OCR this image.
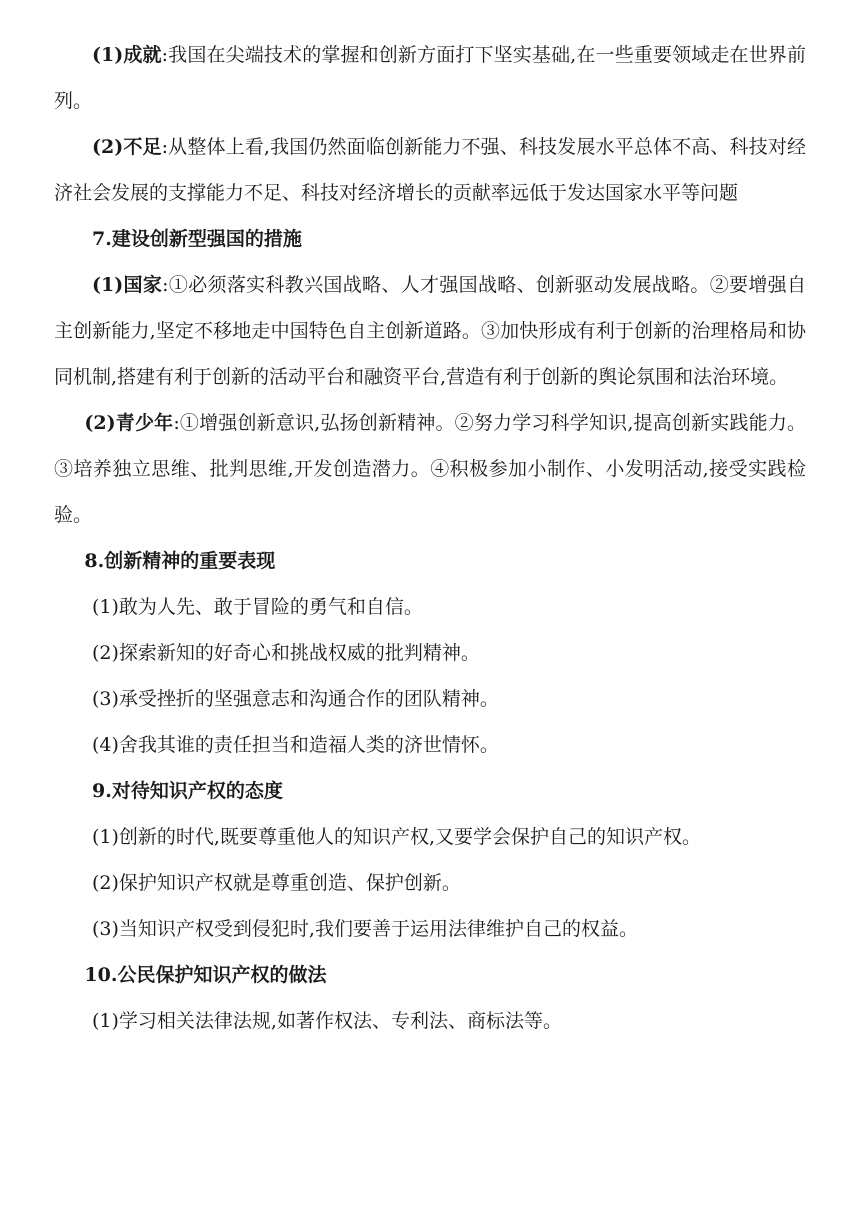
(1)成就:我国在尖端技术的掌握和创新方面打下坚实基础,在一些重要领域走在世界前列。

(2)不足:从整体上看,我国仍然面临创新能力不强、科技发展水平总体不高、科技对经济社会发展的支撑能力不足、科技对经济增长的贡献率远低于发达国家水平等问题

7.建设创新型强国的措施

(1)国家:①必须落实科教兴国战略、人才强国战略、创新驱动发展战略。②要增强自主创新能力,坚定不移地走中国特色自主创新道路。③加快形成有利于创新的治理格局和协同机制,搭建有利于创新的活动平台和融资平台,营造有利于创新的舆论氛围和法治环境。

(2)青少年:①增强创新意识,弘扬创新精神。②努力学习科学知识,提高创新实践能力。③培养独立思维、批判思维,开发创造潜力。④积极参加小制作、小发明活动,接受实践检验。

8.创新精神的重要表现

(1)敢为人先、敢于冒险的勇气和自信。

(2)探索新知的好奇心和挑战权威的批判精神。

(3)承受挫折的坚强意志和沟通合作的团队精神。

(4)舍我其谁的责任担当和造福人类的济世情怀。

9.对待知识产权的态度

(1)创新的时代,既要尊重他人的知识产权,又要学会保护自己的知识产权。

(2)保护知识产权就是尊重创造、保护创新。

(3)当知识产权受到侵犯时,我们要善于运用法律维护自己的权益。

10.公民保护知识产权的做法

(1)学习相关法律法规,如著作权法、专利法、商标法等。
